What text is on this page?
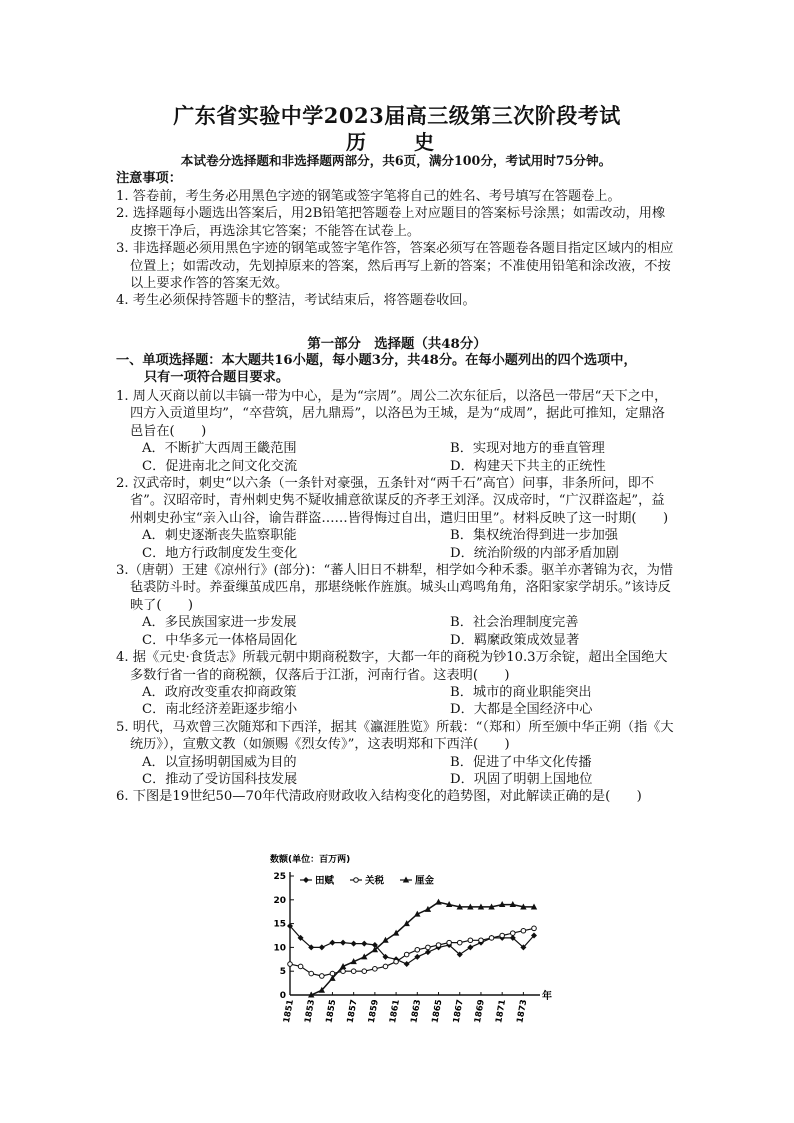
广东省实验中学2023届高三级第三次阶段考试
历　史
本试卷分选择题和非选择题两部分，共6页，满分100分，考试用时75分钟。
注意事项：

1. 答卷前，考生务必用黑色字迹的钢笔或签字笔将自己的姓名、考号填写在答题卷上。

2. 选择题每小题选出答案后，用2B铅笔把答题卷上对应题目的答案标号涂黑；如需改动，用橡皮擦干净后，再选涂其它答案；不能答在试卷上。

3. 非选择题必须用黑色字迹的钢笔或签字笔作答，答案必须写在答题卷各题目指定区域内的相应位置上；如需改动，先划掉原来的答案，然后再写上新的答案；不准使用铅笔和涂改液，不按以上要求作答的答案无效。

4. 考生必须保持答题卡的整洁，考试结束后，将答题卷收回。

第一部分　选择题（共48分）
一、单项选择题：本大题共16小题，每小题3分，共48分。在每小题列出的四个选项中，
只有一项符合题目要求。

1. 周人灭商以前以丰镐一带为中心，是为“宗周”。周公二次东征后，以洛邑一带居“天下之中，四方入贡道里均”，“卒营筑，居九鼎焉”，以洛邑为王城，是为“成周”，据此可推知，定鼎洛邑旨在(　　)

A．不断扩大西周王畿范围	B．实现对地方的垂直管理
C．促进南北之间文化交流	D．构建天下共主的正统性

2. 汉武帝时，刺史“以六条（一条针对豪强，五条针对“两千石”高官）问事，非条所问，即不省”。汉昭帝时，青州刺史隽不疑收捕意欲谋反的齐孝王刘泽。汉成帝时，“广汉群盗起”，益州刺史孙宝“亲入山谷，谕告群盗……皆得悔过自出，遣归田里”。材料反映了这一时期(　　)

A．刺史逐渐丧失监察职能	B．集权统治得到进一步加强
C．地方行政制度发生变化	D．统治阶级的内部矛盾加剧

3.（唐朝）王建《凉州行》(部分)：“蕃人旧日不耕犁，相学如今种禾黍。驱羊亦著锦为衣，为惜毡裘防斗时。养蚕缫茧成匹帛，那堪绕帐作旌旗。城头山鸡鸣角角，洛阳家家学胡乐。”该诗反映了(　　)

A．多民族国家进一步发展	B．社会治理制度完善
C．中华多元一体格局固化	D．羁縻政策成效显著

4. 据《元史·食货志》所载元朝中期商税数字，大都一年的商税为钞10.3万余锭，超出全国绝大多数行省一省的商税额，仅落后于江浙，河南行省。这表明(　　)

A．政府改变重农抑商政策	B．城市的商业职能突出
C．南北经济差距逐步缩小	D．大都是全国经济中心

5. 明代，马欢曾三次随郑和下西洋，据其《瀛涯胜览》所载：“（郑和）所至颁中华正朔（指《大统历》），宣敷文教（如颁赐《烈女传》”，这表明郑和下西洋(　　)

A．以宣扬明朝国威为目的	B．促进了中华文化传播
C．推动了受访国科技发展	D．巩固了明朝上国地位

6. 下图是19世纪50—70年代清政府财政收入结构变化的趋势图，对此解读正确的是(　　)

0
5
10
15
20
25
数额(单位：百万两)
1851 1853 1855 1857 1859 1861 1863 1865 1867 1869 1871 1873
年
田赋	关税	厘金
